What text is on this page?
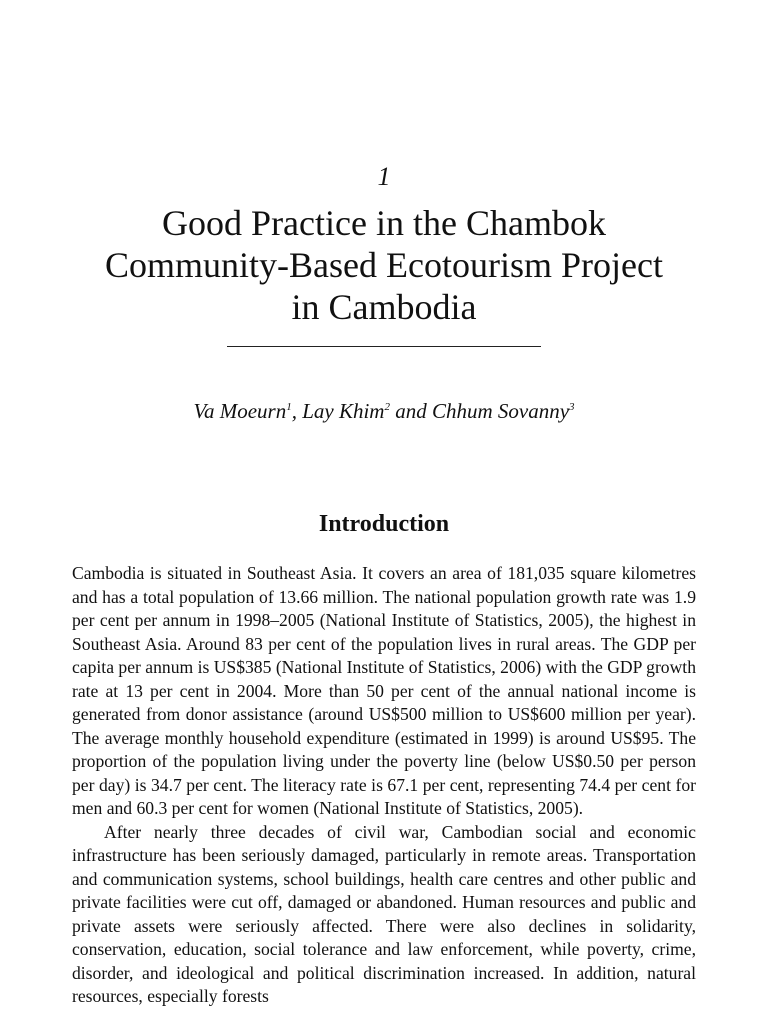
1
Good Practice in the Chambok
Community-Based Ecotourism Project
in Cambodia
Va Moeurn$^1$, Lay Khim$^2$ and Chhum Sovanny$^3$
Introduction

Cambodia is situated in Southeast Asia. It covers an area of 181,035 square kilometres and has a total population of 13.66 million. The national population growth rate was 1.9 per cent per annum in 1998–2005 (National Institute of Statistics, 2005), the highest in Southeast Asia. Around 83 per cent of the population lives in rural areas. The GDP per capita per annum is US$385 (National Institute of Statistics, 2006) with the GDP growth rate at 13 per cent in 2004. More than 50 per cent of the annual national income is generated from donor assistance (around US$500 million to US$600 million per year). The average monthly household expenditure (estimated in 1999) is around US$95. The proportion of the population living under the poverty line (below US$0.50 per person per day) is 34.7 per cent. The literacy rate is 67.1 per cent, representing 74.4 per cent for men and 60.3 per cent for women (National Institute of Statistics, 2005).

After nearly three decades of civil war, Cambodian social and economic infrastructure has been seriously damaged, particularly in remote areas. Transportation and communication systems, school buildings, health care centres and other public and private facilities were cut off, damaged or abandoned. Human resources and public and private assets were seriously affected. There were also declines in solidarity, conservation, education, social tolerance and law enforcement, while poverty, crime, disorder, and ideological and political discrimination increased. In addition, natural resources, especially forests
